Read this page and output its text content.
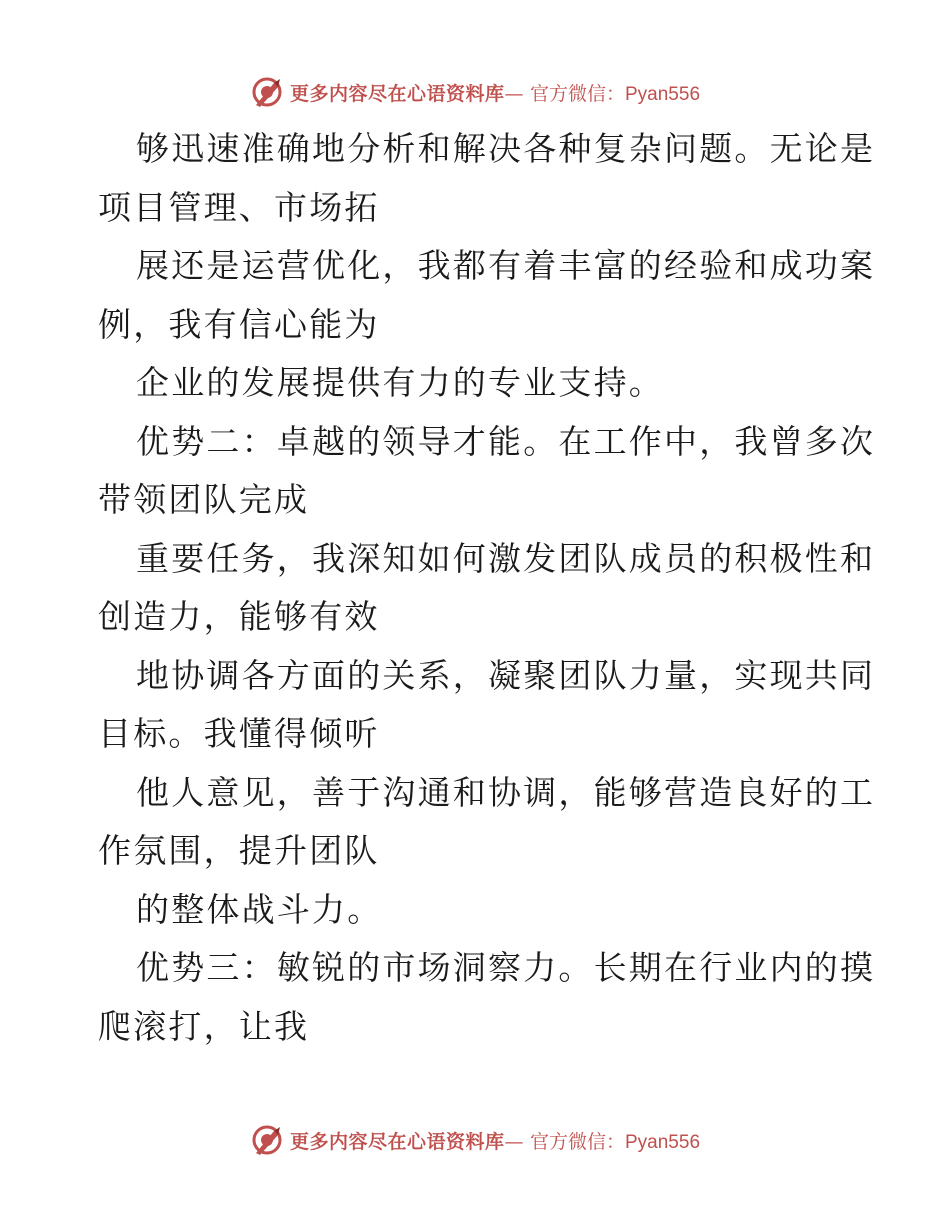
更多内容尽在心语资料库— 官方微信：Pyan556
够迅速准确地分析和解决各种复杂问题。无论是
项目管理、市场拓
展还是运营优化，我都有着丰富的经验和成功案
例，我有信心能为
企业的发展提供有力的专业支持。
优势二：卓越的领导才能。在工作中，我曾多次
带领团队完成
重要任务，我深知如何激发团队成员的积极性和
创造力，能够有效
地协调各方面的关系，凝聚团队力量，实现共同
目标。我懂得倾听
他人意见，善于沟通和协调，能够营造良好的工
作氛围，提升团队
的整体战斗力。
优势三：敏锐的市场洞察力。长期在行业内的摸
爬滚打，让我
更多内容尽在心语资料库— 官方微信：Pyan556
